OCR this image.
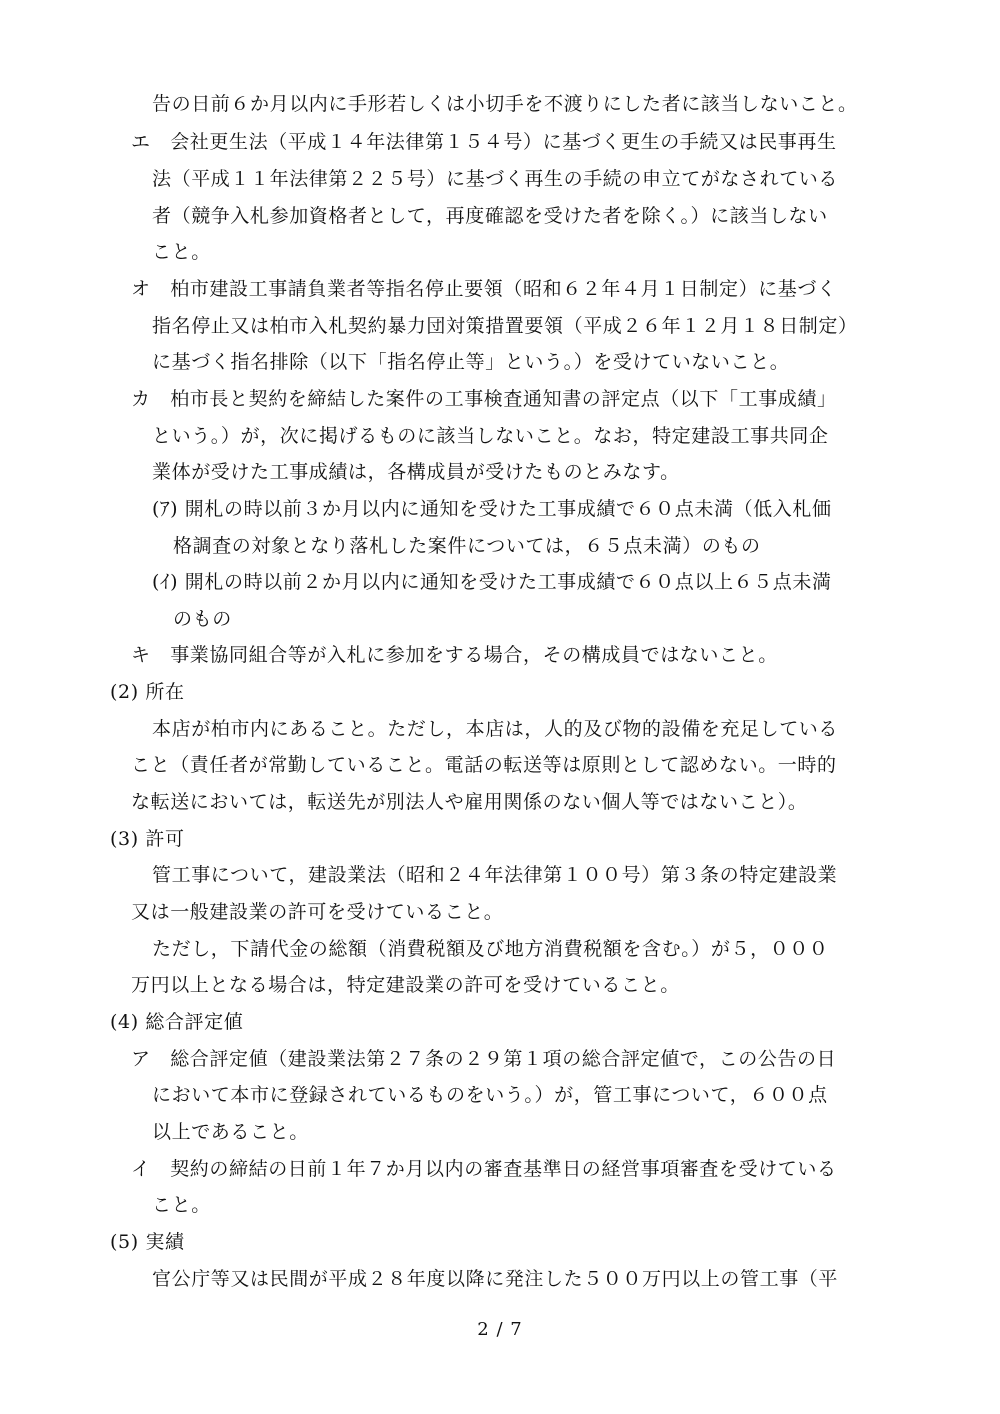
告の日前６か月以内に手形若しくは小切手を不渡りにした者に該当しないこと。
エ　会社更生法（平成１４年法律第１５４号）に基づく更生の手続又は民事再生
法（平成１１年法律第２２５号）に基づく再生の手続の申立てがなされている
者（競争入札参加資格者として，再度確認を受けた者を除く。）に該当しない
こと。
オ　柏市建設工事請負業者等指名停止要領（昭和６２年４月１日制定）に基づく
指名停止又は柏市入札契約暴力団対策措置要領（平成２６年１２月１８日制定）
に基づく指名排除（以下「指名停止等」という。）を受けていないこと。
カ　柏市長と契約を締結した案件の工事検査通知書の評定点（以下「工事成績」
という。）が，次に掲げるものに該当しないこと。なお，特定建設工事共同企
業体が受けた工事成績は，各構成員が受けたものとみなす。
(ｱ) 開札の時以前３か月以内に通知を受けた工事成績で６０点未満（低入札価
格調査の対象となり落札した案件については，６５点未満）のもの
(ｲ) 開札の時以前２か月以内に通知を受けた工事成績で６０点以上６５点未満
のもの
キ　事業協同組合等が入札に参加をする場合，その構成員ではないこと。
(2) 所在
本店が柏市内にあること。ただし，本店は，人的及び物的設備を充足している
こと（責任者が常勤していること。電話の転送等は原則として認めない。一時的
な転送においては，転送先が別法人や雇用関係のない個人等ではないこと）。
(3) 許可
管工事について，建設業法（昭和２４年法律第１００号）第３条の特定建設業
又は一般建設業の許可を受けていること。
ただし，下請代金の総額（消費税額及び地方消費税額を含む。）が５，０００
万円以上となる場合は，特定建設業の許可を受けていること。
(4) 総合評定値
ア　総合評定値（建設業法第２７条の２９第１項の総合評定値で，この公告の日
において本市に登録されているものをいう。）が，管工事について，６００点
以上であること。
イ　契約の締結の日前１年７か月以内の審査基準日の経営事項審査を受けている
こと。
(5) 実績
官公庁等又は民間が平成２８年度以降に発注した５００万円以上の管工事（平
2 / 7
